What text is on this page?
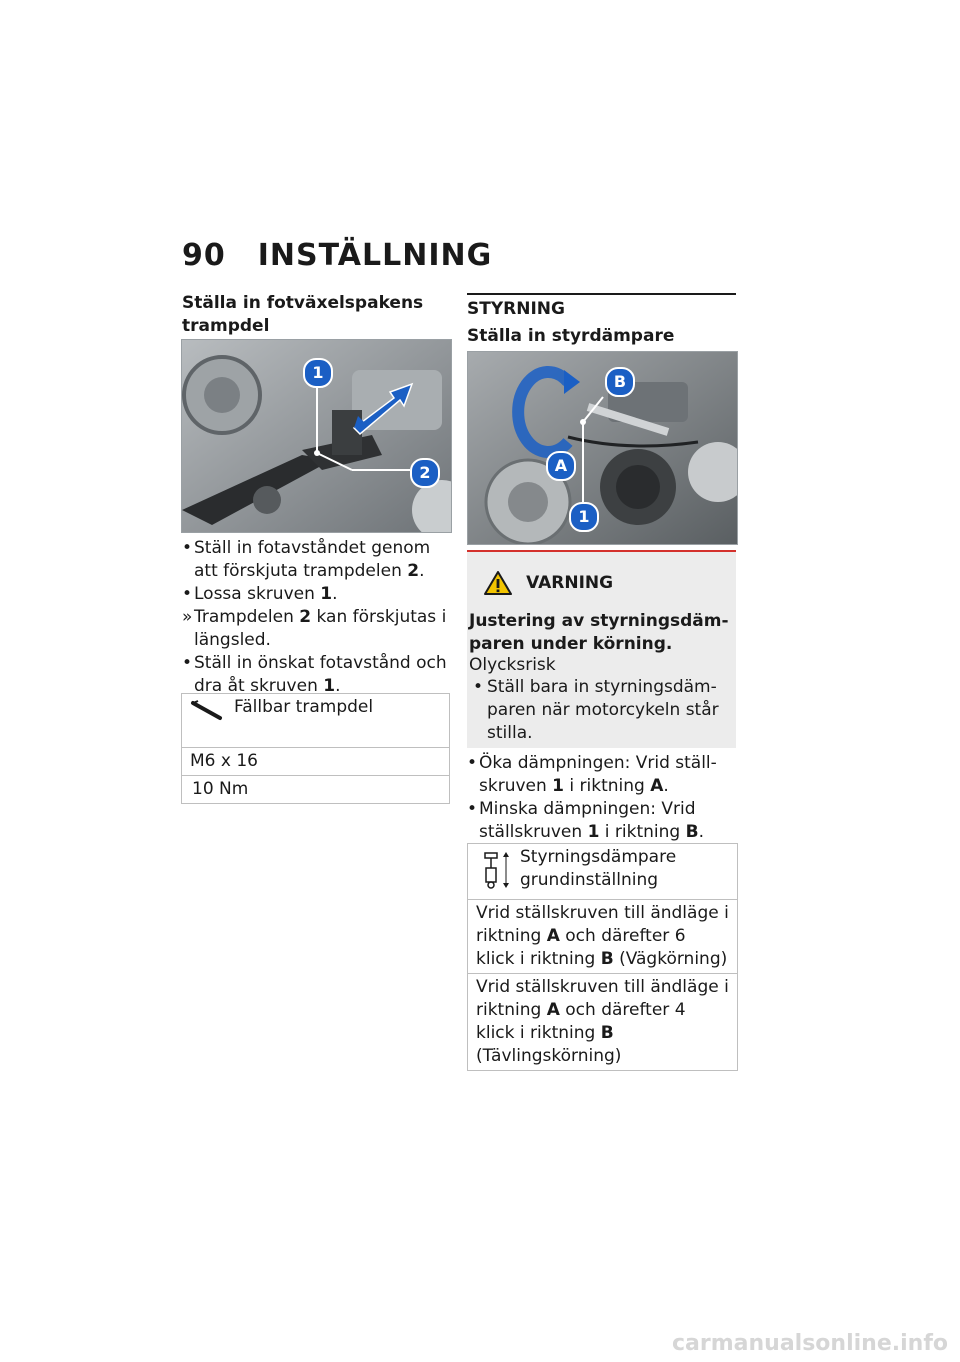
90 INSTÄLLNING
Ställa in fotväxelspakens trampdel
1
2
• Ställ in fotavståndet genom att förskjuta trampdelen 2.
• Lossa skruven 1.
» Trampdelen 2 kan förskjutas i längsled.
• Ställ in önskat fotavstånd och dra åt skruven 1.
Fällbar trampdel
M6 x 16
10 Nm
STYRNING
Ställa in styrdämpare
B
A
1
VARNING
Justering av styrningsdäm-paren under körning.
Olycksrisk
• Ställ bara in styrningsdäm-paren när motorcykeln står stilla.
• Öka dämpningen: Vrid ställ-skruven 1 i riktning A.
• Minska dämpningen: Vrid ställskruven 1 i riktning B.
Styrningsdämpare grundinställning
Vrid ställskruven till ändläge i riktning A och därefter 6 klick i riktning B (Vägkörning)
Vrid ställskruven till ändläge i riktning A och därefter 4 klick i riktning B (Tävlingskörning)
carmanualsonline.info
